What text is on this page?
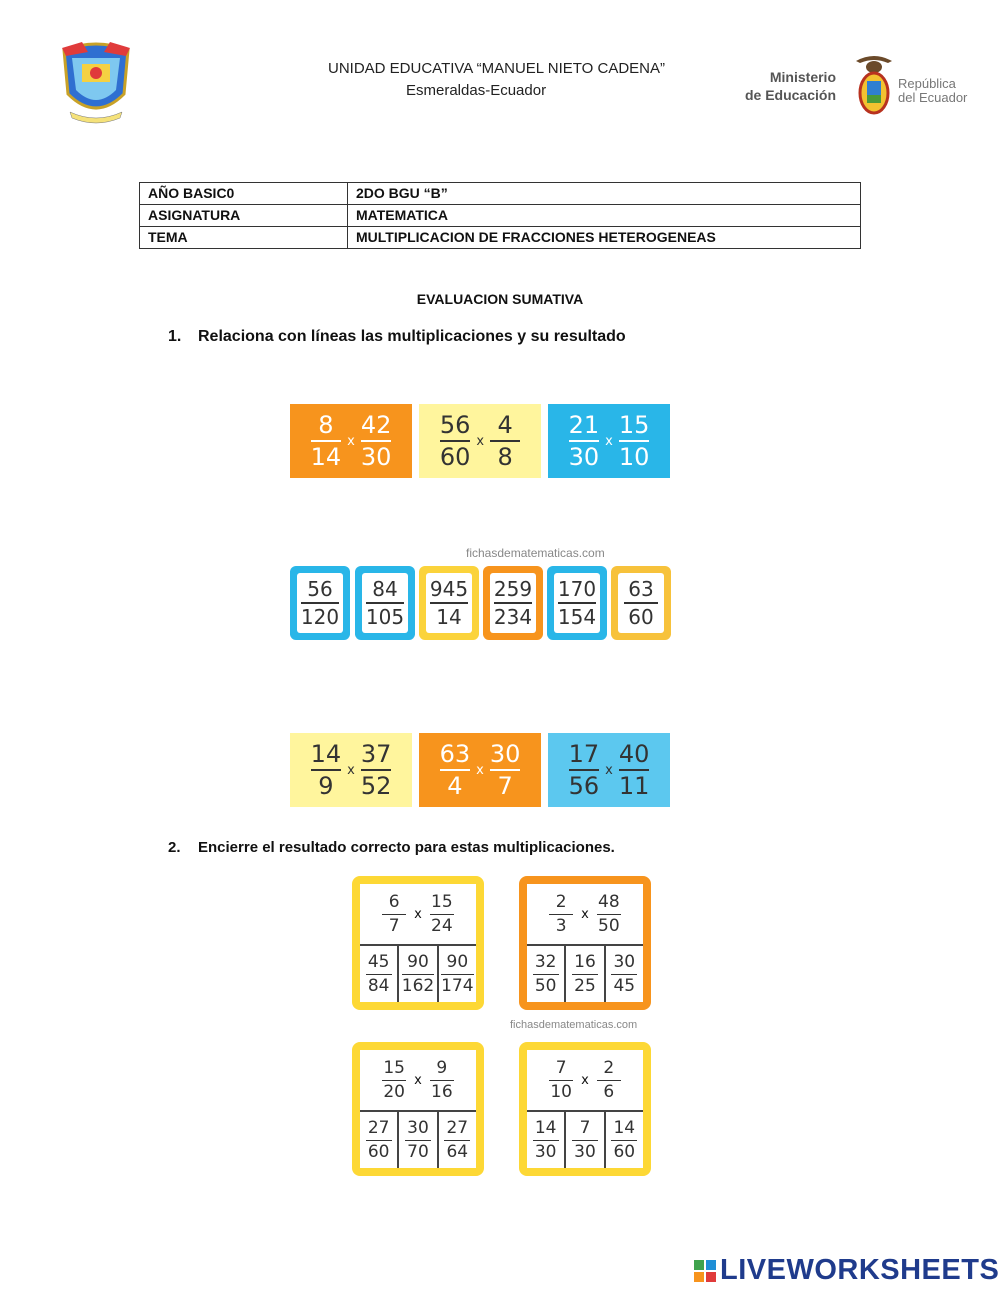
UNIDAD EDUCATIVA “MANUEL NIETO CADENA”
Esmeraldas-Ecuador
Ministerio
de Educación
República
del Ecuador
AÑO BASIC0	2DO BGU “B”
ASIGNATURA	MATEMATICA
TEMA	MULTIPLICACION DE FRACCIONES HETEROGENEAS
EVALUACION SUMATIVA
1. Relaciona con líneas las multiplicaciones y su resultado
$\frac{8}{14}$ x $\frac{42}{30} \frac{56}{60}$ x $\frac{4}{8} \frac{21}{30}$ x $\frac{15}{10}$
fichasdematematicas.com
$\frac{56}{120} \frac{84}{105} \frac{945}{14} \frac{259}{234} \frac{170}{154} \frac{63}{60}$
$\frac{14}{9}$ x $\frac{37}{52} \frac{63}{4}$ x $\frac{30}{7} \frac{17}{56}$ x $\frac{40}{11}$
2. Encierre el resultado correcto para estas multiplicaciones.
$\frac{6}{7}$ x $\frac{15}{24}$
$\frac{45}{84} \frac{90}{162} \frac{90}{174}$
$\frac{2}{3}$ x $\frac{48}{50}$
$\frac{32}{50} \frac{16}{25} \frac{30}{45}$
fichasdematematicas.com
$\frac{15}{20}$ x $\frac{9}{16}$
$\frac{27}{60} \frac{30}{70} \frac{27}{64}$
$\frac{7}{10}$ x $\frac{2}{6}$
$\frac{14}{30} \frac{7}{30} \frac{14}{60}$
LIVEWORKSHEETS
